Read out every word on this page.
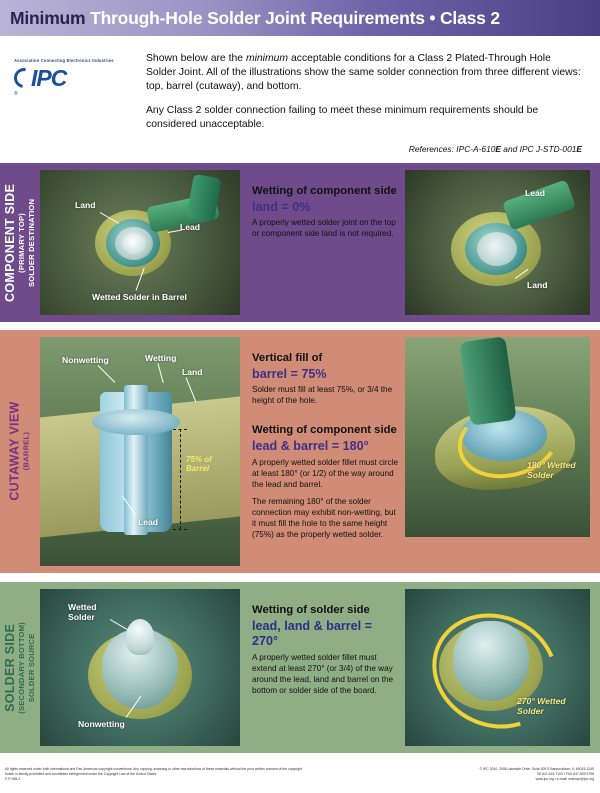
Minimum Through-Hole Solder Joint Requirements • Class 2
Association Connecting Electronics Industries
IPC
®

Shown below are the minimum acceptable conditions for a Class 2 Plated-Through Hole Solder Joint. All of the illustrations show the same solder connection from three different views: top, barrel (cutaway), and bottom.

Any Class 2 solder connection failing to meet these minimum requirements should be considered unacceptable.

References: IPC-A-610E and IPC J-STD-001E
COMPONENT SIDE (PRIMARY TOP) SOLDER DESTINATION	Land
Lead
Wetted Solder in Barrel
Wetting of component side
land = 0%
A properly wetted solder joint on the top or component side land is not required.
Lead
Land
CUTAWAY VIEW (BARREL)	75% of Barrel
Nonwetting	Wetting
Land
Lead
Vertical fill of
barrel = 75%
Solder must fill at least 75%, or 3/4 the height of the hole.
Wetting of component side
lead & barrel = 180°
A properly wetted solder fillet must circle at least 180° (or 1/2) of the way around the lead and barrel.
The remaining 180° of the solder connection may exhibit non-wetting, but it must fill the hole to the same height (75%) as the properly wetted solder.
180° Wetted Solder
SOLDER SIDE (SECONDARY BOTTOM) SOLDER SOURCE
Wetted Solder
Nonwetting
Wetting of solder side
lead, land & barrel = 270°
A properly wetted solder fillet must extend at least 270° (or 3/4) of the way around the lead, land and barrel on the bottom or solder side of the board.
270° Wetted Solder
All rights reserved under both international and Pan-American copyright conventions. Any copying, scanning or other reproductions of these materials without the prior written consent of the copyright holder is strictly prohibited and constitutes infringement under the Copyright Law of the United States.
F-P-055-2
© IPC 2010, 2008 Lakeside Drive, Suite 309 S Bannockburn, IL 60015-1249
Tel 847.615.7100 • FAX 847.509.9798
www.ipc.org • e-mail: orderipc@ipc.org
